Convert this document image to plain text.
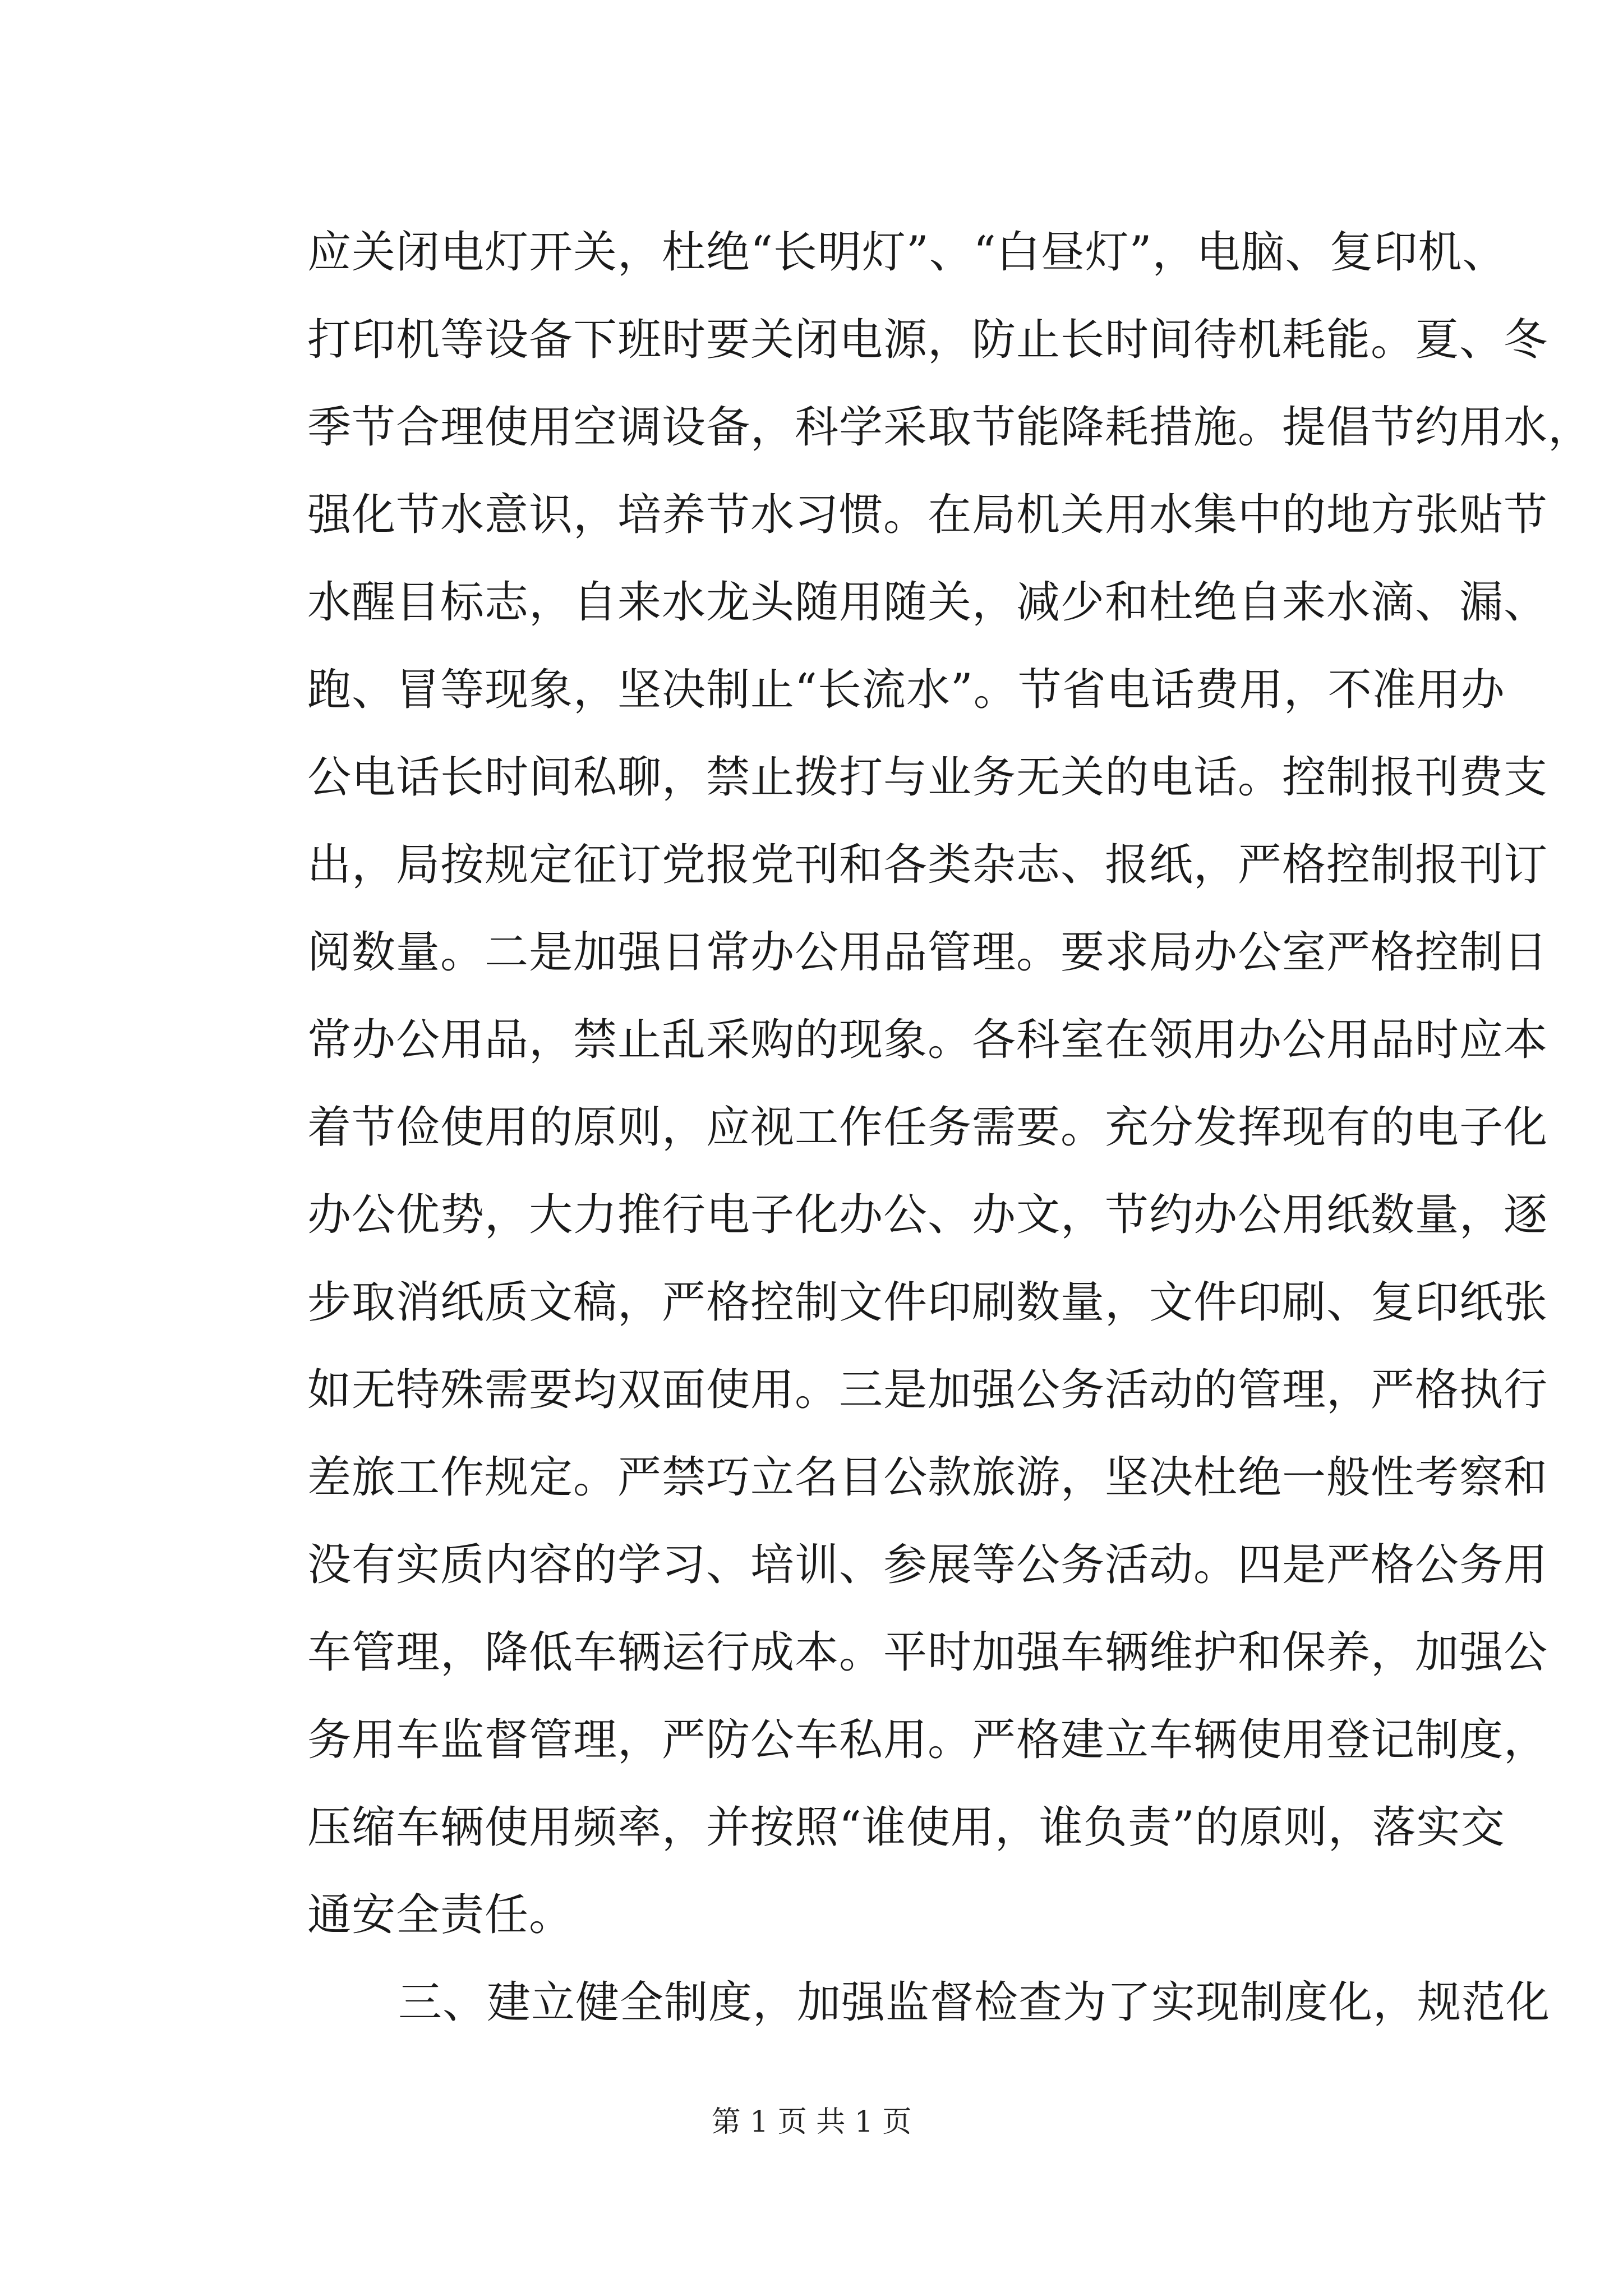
应关闭电灯开关，杜绝“长明灯”、“白昼灯”，电脑、复印机、
打印机等设备下班时要关闭电源，防止长时间待机耗能。夏、冬
季节合理使用空调设备，科学采取节能降耗措施。提倡节约用水，
强化节水意识，培养节水习惯。在局机关用水集中的地方张贴节
水醒目标志，自来水龙头随用随关，减少和杜绝自来水滴、漏、
跑、冒等现象，坚决制止“长流水”。节省电话费用，不准用办
公电话长时间私聊，禁止拨打与业务无关的电话。控制报刊费支
出，局按规定征订党报党刊和各类杂志、报纸，严格控制报刊订
阅数量。二是加强日常办公用品管理。要求局办公室严格控制日
常办公用品，禁止乱采购的现象。各科室在领用办公用品时应本
着节俭使用的原则，应视工作任务需要。充分发挥现有的电子化
办公优势，大力推行电子化办公、办文，节约办公用纸数量，逐
步取消纸质文稿，严格控制文件印刷数量，文件印刷、复印纸张
如无特殊需要均双面使用。三是加强公务活动的管理，严格执行
差旅工作规定。严禁巧立名目公款旅游，坚决杜绝一般性考察和
没有实质内容的学习、培训、参展等公务活动。四是严格公务用
车管理，降低车辆运行成本。平时加强车辆维护和保养，加强公
务用车监督管理，严防公车私用。严格建立车辆使用登记制度，
压缩车辆使用频率，并按照“谁使用，谁负责”的原则，落实交
通安全责任。
　　三、建立健全制度，加强监督检查为了实现制度化，规范化
第 1 页 共 1 页
